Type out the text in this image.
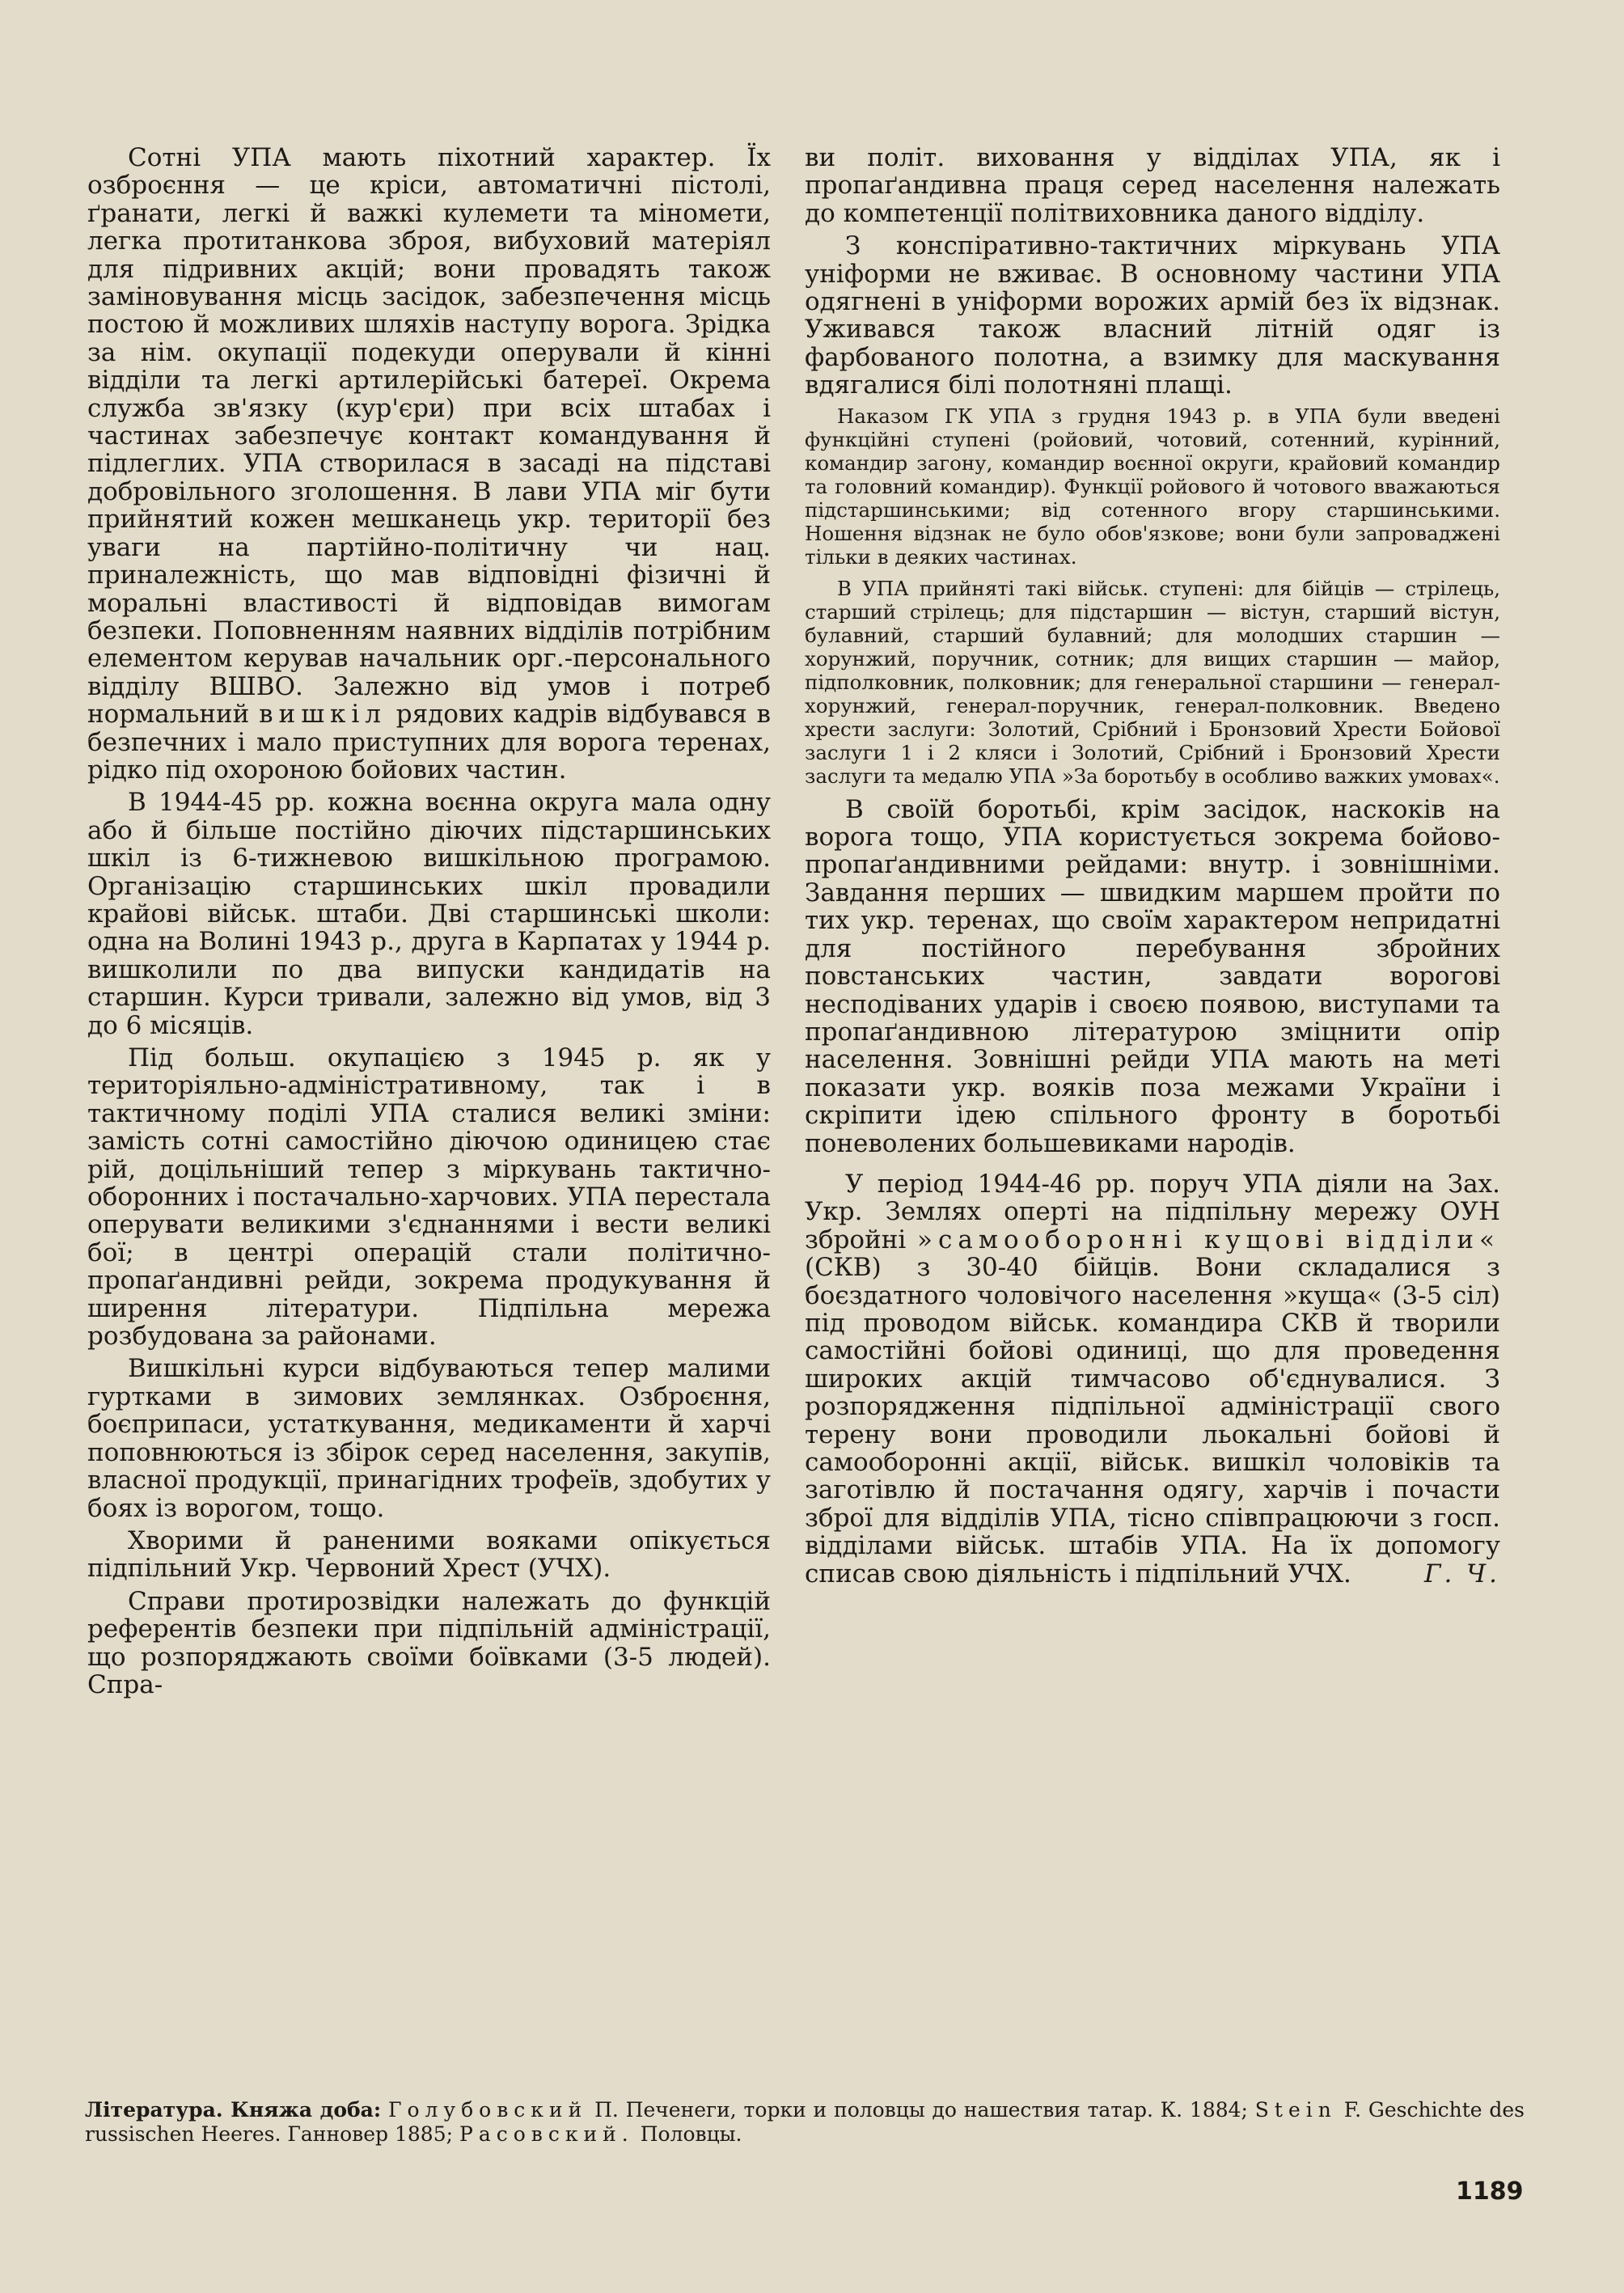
Сотні УПА мають піхотний характер. Їх озброєння — це кріси, автоматичні пістолі, ґранати, легкі й важкі кулемети та міномети, легка протитанкова зброя, вибуховий матеріял для підривних акцій; вони провадять також заміновування місць засідок, забезпечення місць постою й можливих шляхів наступу ворога. Зрідка за нім. окупації подекуди оперували й кінні відділи та легкі артилерійські батереї. Окрема служба зв'язку (кур'єри) при всіх штабах і частинах забезпечує контакт командування й підлеглих. УПА створилася в засаді на підставі добровільного зголошення. В лави УПА міг бути прийнятий кожен мешканець укр. території без уваги на партійно-політичну чи нац. приналежність, що мав відповідні фізичні й моральні властивості й відповідав вимогам безпеки. Поповненням наявних відділів потрібним елементом керував начальник орг.-персонального відділу ВШВО. Залежно від умов і потреб нормальний вишкіл рядових кадрів відбувався в безпечних і мало приступних для ворога теренах, рідко під охороною бойових частин.

В 1944-45 рр. кожна воєнна округа мала одну або й більше постійно діючих підстаршинських шкіл із 6-тижневою вишкільною програмою. Організацію старшинських шкіл провадили крайові військ. штаби. Дві старшинські школи: одна на Волині 1943 р., друга в Карпатах у 1944 р. вишколили по два випуски кандидатів на старшин. Курси тривали, залежно від умов, від 3 до 6 місяців.

Під больш. окупацією з 1945 р. як у територіяльно-адміністративному, так і в тактичному поділі УПА сталися великі зміни: замість сотні самостійно діючою одиницею стає рій, доцільніший тепер з міркувань тактично-оборонних і постачально-харчових. УПА перестала оперувати великими з'єднаннями і вести великі бої; в центрі операцій стали політично-пропаґандивні рейди, зокрема продукування й ширення літератури. Підпільна мережа розбудована за районами.

Вишкільні курси відбуваються тепер малими гуртками в зимових землянках. Озброєння, боєприпаси, устаткування, медикаменти й харчі поповнюються із збірок серед населення, закупів, власної продукції, принагідних трофеїв, здобутих у боях із ворогом, тощо.

Хворими й раненими вояками опікується підпільний Укр. Червоний Хрест (УЧХ).

Справи протирозвідки належать до функцій референтів безпеки при підпільній адміністрації, що розпоряджають своїми боївками (3-5 людей). Спра-

ви політ. виховання у відділах УПА, як і пропаґандивна праця серед населення належать до компетенції політвиховника даного відділу.

З конспіративно-тактичних міркувань УПА уніформи не вживає. В основному частини УПА одягнені в уніформи ворожих армій без їх відзнак. Уживався також власний літній одяг із фарбованого полотна, а взимку для маскування вдягалися білі полотняні плащі.

Наказом ГК УПА з грудня 1943 р. в УПА були введені функційні ступені (ройовий, чотовий, сотенний, курінний, командир загону, командир воєнної округи, крайовий командир та головний командир). Функції ройового й чотового вважаються підстаршинськими; від сотенного вгору старшинськими. Ношення відзнак не було обов'язкове; вони були запроваджені тільки в деяких частинах.

В УПА прийняті такі військ. ступені: для бійців — стрілець, старший стрілець; для підстаршин — вістун, старший вістун, булавний, старший булавний; для молодших старшин — хорунжий, поручник, сотник; для вищих старшин — майор, підполковник, полковник; для генеральної старшини — генерал-хорунжий, генерал-поручник, генерал-полковник. Введено хрести заслуги: Золотий, Срібний і Бронзовий Хрести Бойової заслуги 1 і 2 кляси і Золотий, Срібний і Бронзовий Хрести заслуги та медалю УПА »За боротьбу в особливо важких умовах«.

В своїй боротьбі, крім засідок, наскоків на ворога тощо, УПА користується зокрема бойово-пропаґандивними рейдами: внутр. і зовнішніми. Завдання перших — швидким маршем пройти по тих укр. теренах, що своїм характером непридатні для постійного перебування збройних повстанських частин, завдати ворогові несподіваних ударів і своєю появою, виступами та пропаґандивною літературою зміцнити опір населення. Зовнішні рейди УПА мають на меті показати укр. вояків поза межами України і скріпити ідею спільного фронту в боротьбі поневолених большевиками народів.

У період 1944-46 рр. поруч УПА діяли на Зах. Укр. Землях оперті на підпільну мережу ОУН збройні »самооборонні кущові відділи« (СКВ) з 30-40 бійців. Вони складалися з боєздатного чоловічого населення »куща« (3-5 сіл) під проводом військ. командира СКВ й творили самостійні бойові одиниці, що для проведення широких акцій тимчасово об'єднувалися. З розпорядження підпільної адміністрації свого терену вони проводили льокальні бойові й самооборонні акції, військ. вишкіл чоловіків та заготівлю й постачання одягу, харчів і почасти зброї для відділів УПА, тісно співпрацюючи з госп. відділами військ. штабів УПА. На їх допомогу списав свою діяльність і підпільний УЧХ.	Г. Ч.

Література. Княжа доба: Голубовский П. Печенеги, торки и половцы до нашествия татар. К. 1884; Stein F. Geschichte des russischen Heeres. Ганновер 1885; Расовский. Половцы.
1189
